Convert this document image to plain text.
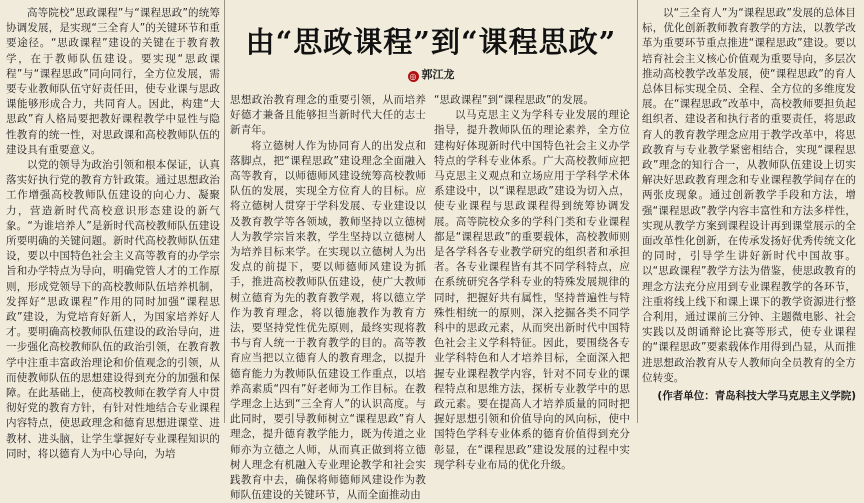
高等院校“思政课程”与“课程思政”的统筹协调发展，是实现“三全育人”的关键环节和重要途径。“思政课程”建设的关键在于教育教学，在于教师队伍建设。要实现“思政课程”与“课程思政”同向同行，全方位发展，需要专业教师队伍守好责任田，使专业课与思政课能够形成合力，共同育人。因此，构建“大思政”育人格局要把教好课程教学中显性与隐性教育的统一性，对思政课和高校教师队伍的建设具有重要意义。

以党的领导为政治引领和根本保证，认真落实好执行党的教育方针政策。通过思想政治工作增强高校教师队伍建设的向心力、凝聚力，营造新时代高校意识形态建设的新气象。“为谁培养人”是新时代高校教师队伍建设所要明确的关键问题。新时代高校教师队伍建设，要以中国特色社会主义高等教育的办学宗旨和办学特点为导向，明确党管人才的工作原则，形成党领导下的高校教师队伍培养机制，发挥好“思政课程”作用的同时加强“课程思政”建设，为党培育好新人，为国家培养好人才。要明确高校教师队伍建设的政治导向，进一步强化高校教师队伍的政治引领，在教育教学中注重丰富政治理论和价值观念的引领，从而使教师队伍的思想建设得到充分的加强和保障。在此基础上，使高校教师在教学育人中贯彻好党的教育方针，有针对性地结合专业课程内容特点，使思政理念和德育思想进课堂、进教材、进头脑，让学生掌握好专业课程知识的同时，将以德育人为中心导向，为培

由“思政课程”到“课程思政”
◎ 郭江龙

思想政治教育理念的重要引领，从而培养好德才兼备且能够担当新时代大任的志士新青年。

将立德树人作为协同育人的出发点和落脚点，把“课程思政”建设理念全面融入高等教育，以师德师风建设统筹高校教师队伍的发展，实现全方位育人的目标。应将立德树人贯穿于学科发展、专业建设以及教育教学等各领域，教师坚持以立德树人为教学宗旨来教，学生坚持以立德树人为培养目标来学。在实现以立德树人为出发点的前提下，要以师德师风建设为抓手，推进高校教师队伍建设，使广大教师树立德育为先的教育教学观，将以德立学作为教育理念，将以德施教作为教育方法，要坚持党性优先原则，最终实现将教书与育人统一于教育教学的目的。高等教育应当把以立德育人的教育理念，以提升德育能力为教师队伍建设工作重点，以培养高素质“四有”好老师为工作目标。在教学理念上达到“三全育人”的认识高度。与此同时，要引导教师树立“课程思政”育人理念，提升德育教学能力，既为传道之业师亦为立德之人师，从而真正做到将立德树人理念有机融入专业理论教学和社会实践教育中去，确保将师德师风建设作为教师队伍建设的关键环节，从而全面推动由

“思政课程”到“课程思政”的发展。

以马克思主义为学科专业发展的理论指导，提升教师队伍的理论素养，全方位建构好体现新时代中国特色社会主义办学特点的学科专业体系。广大高校教师应把马克思主义观点和立场应用于学科学术体系建设中，以“课程思政”建设为切入点，使专业课程与思政课程得到统筹协调发展。高等院校众多的学科门类和专业课程都是“课程思政”的重要载体，高校教师则是各学科各专业教学研究的组织者和承担者。各专业课程皆有其不同学科特点，应在系统研究各学科专业的特殊发展规律的同时，把握好共有属性，坚持普遍性与特殊性相统一的原则，深入挖掘各类不同学科中的思政元素，从而突出新时代中国特色社会主义学科特征。因此，要围绕各专业学科特色和人才培养目标，全面深入把握专业课程教学内容，针对不同专业的课程特点和思维方法，探析专业教学中的思政元素。要在提高人才培养质量的同时把握好思想引领和价值导向的风向标，使中国特色学科专业体系的德育价值得到充分彰显，在“课程思政”建设发展的过程中实现学科专业布局的优化升级。

以“三全育人”为“课程思政”发展的总体目标，优化创新教师教育教学的方法，以教学改革为重要环节重点推进“课程思政”建设。要以培育社会主义核心价值观为重要导向，多层次推动高校教学改革发展，使“课程思政”的育人总体目标实现全员、全程、全方位的多维度发展。在“课程思政”改革中，高校教师要担负起组织者、建设者和执行者的重要责任，将思政育人的教育教学理念应用于教学改革中，将思政教育与专业教学紧密相结合，实现“课程思政”理念的知行合一，从教师队伍建设上切实解决好思政教育理念和专业课程教学间存在的两张皮现象。通过创新教学手段和方法，增强“课程思政”教学内容丰富性和方法多样性，实现从教学方案到课程设计再到课堂展示的全面改革性化创新，在传承发扬好优秀传统文化的同时，引导学生讲好新时代中国故事。以“思政课程”教学方法为借鉴，使思政教育的理念方法充分应用到专业课程教学的各环节，注重将线上线下和课上课下的教学资源进行整合利用，通过课前三分钟、主题微电影、社会实践以及朗诵辩论比赛等形式，使专业课程的“课程思政”要素载体作用得到凸显，从而推进思想政治教育从专人教师向全员教育的全方位转变。

(作者单位：青岛科技大学马克思主义学院)
